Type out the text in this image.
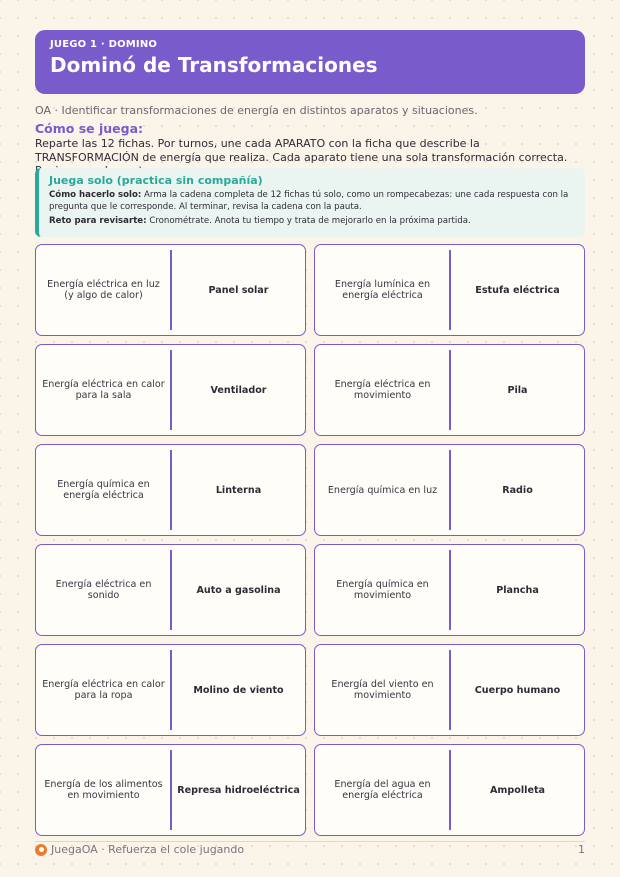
JUEGO 1 · DOMINO
Dominó de Transformaciones
OA · Identificar transformaciones de energía en distintos aparatos y situaciones.
Cómo se juega:
Reparte las 12 fichas. Por turnos, une cada APARATO con la ficha que describe la TRANSFORMACIÓN de energía que realiza. Cada aparato tiene una sola transformación correcta.
Juega solo (practica sin compañía)
Cómo hacerlo solo: Arma la cadena completa de 12 fichas tú solo, como un rompecabezas: une cada respuesta con la pregunta que le corresponde. Al terminar, revisa la cadena con la pauta.
Reto para revisarte: Cronométrate. Anota tu tiempo y trata de mejorarlo en la próxima partida.
Energía eléctrica en luz (y algo de calor)	Panel solar	Energía lumínica en energía eléctrica	Estufa eléctrica
Energía eléctrica en calor para la sala	Ventilador	Energía eléctrica en movimiento	Pila
Energía química en energía eléctrica	Linterna	Energía química en luz	Radio
Energía eléctrica en sonido	Auto a gasolina	Energía química en movimiento	Plancha
Energía eléctrica en calor para la ropa	Molino de viento	Energía del viento en movimiento	Cuerpo humano
Energía de los alimentos en movimiento	Represa hidroeléctrica	Energía del agua en energía eléctrica	Ampolleta
JuegaOA · Refuerza el cole jugando	1
